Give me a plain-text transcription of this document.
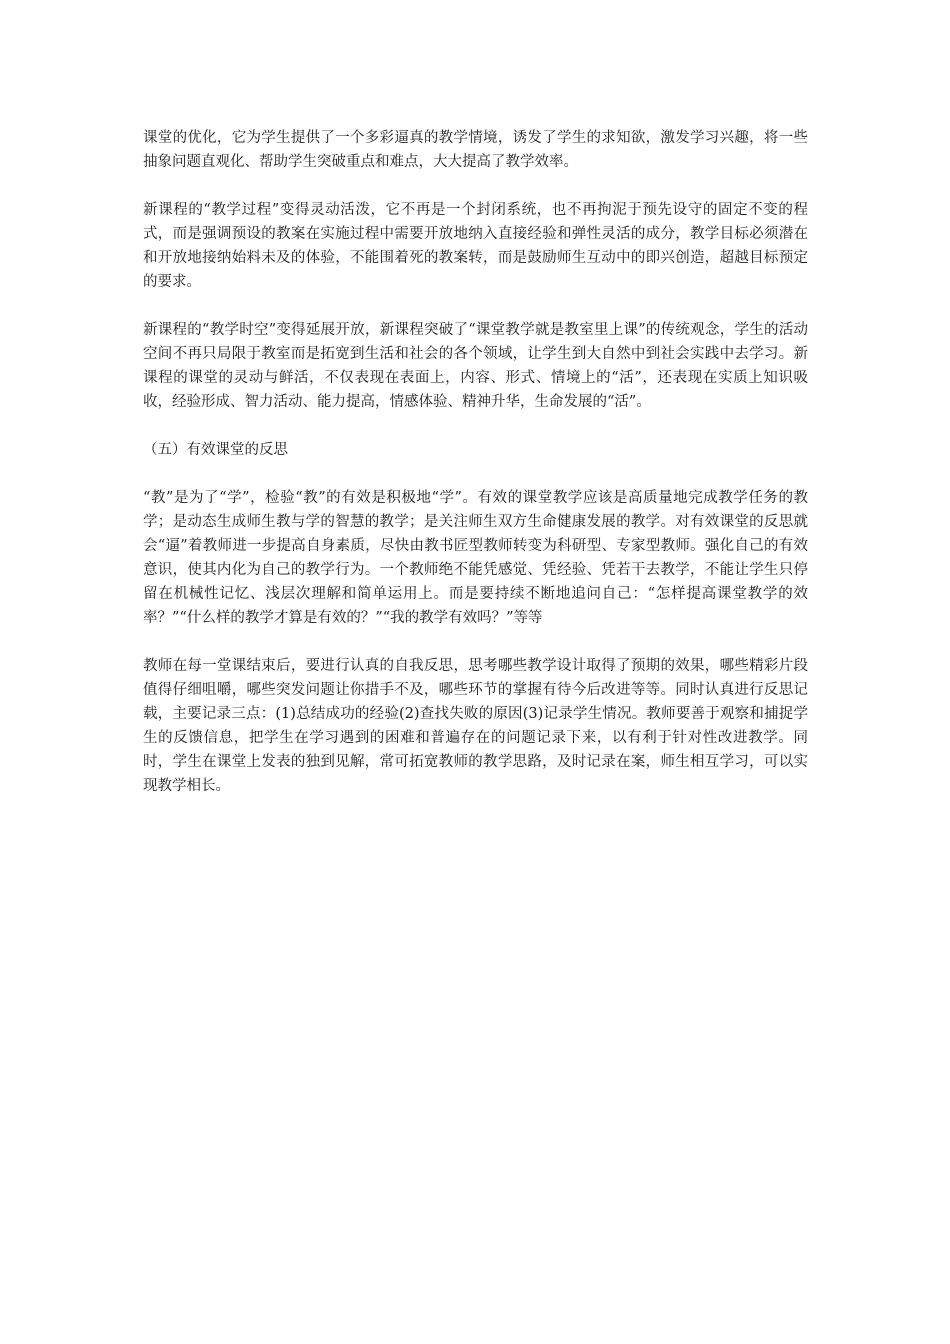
课堂的优化，它为学生提供了一个多彩逼真的教学情境，诱发了学生的求知欲，激发学习兴趣，将一些抽象问题直观化、帮助学生突破重点和难点，大大提高了教学效率。

新课程的“教学过程”变得灵动活泼，它不再是一个封闭系统，也不再拘泥于预先设守的固定不变的程式，而是强调预设的教案在实施过程中需要开放地纳入直接经验和弹性灵活的成分，教学目标必须潜在和开放地接纳始料未及的体验，不能围着死的教案转，而是鼓励师生互动中的即兴创造，超越目标预定的要求。

新课程的“教学时空”变得延展开放，新课程突破了“课堂教学就是教室里上课”的传统观念，学生的活动空间不再只局限于教室而是拓宽到生活和社会的各个领域，让学生到大自然中到社会实践中去学习。新课程的课堂的灵动与鲜活，不仅表现在表面上，内容、形式、情境上的“活”，还表现在实质上知识吸收，经验形成、智力活动、能力提高，情感体验、精神升华，生命发展的“活”。

（五）有效课堂的反思

“教”是为了“学”，检验“教”的有效是积极地“学”。有效的课堂教学应该是高质量地完成教学任务的教学；是动态生成师生教与学的智慧的教学；是关注师生双方生命健康发展的教学。对有效课堂的反思就会“逼”着教师进一步提高自身素质，尽快由教书匠型教师转变为科研型、专家型教师。强化自己的有效意识，使其内化为自己的教学行为。一个教师绝不能凭感觉、凭经验、凭若干去教学，不能让学生只停留在机械性记忆、浅层次理解和简单运用上。而是要持续不断地追问自己：“怎样提高课堂教学的效率？”“什么样的教学才算是有效的？”“我的教学有效吗？”等等

教师在每一堂课结束后，要进行认真的自我反思，思考哪些教学设计取得了预期的效果，哪些精彩片段值得仔细咀嚼，哪些突发问题让你措手不及，哪些环节的掌握有待今后改进等等。同时认真进行反思记载，主要记录三点：(1)总结成功的经验(2)查找失败的原因(3)记录学生情况。教师要善于观察和捕捉学生的反馈信息，把学生在学习遇到的困难和普遍存在的问题记录下来，以有利于针对性改进教学。同时，学生在课堂上发表的独到见解，常可拓宽教师的教学思路，及时记录在案，师生相互学习，可以实现教学相长。
